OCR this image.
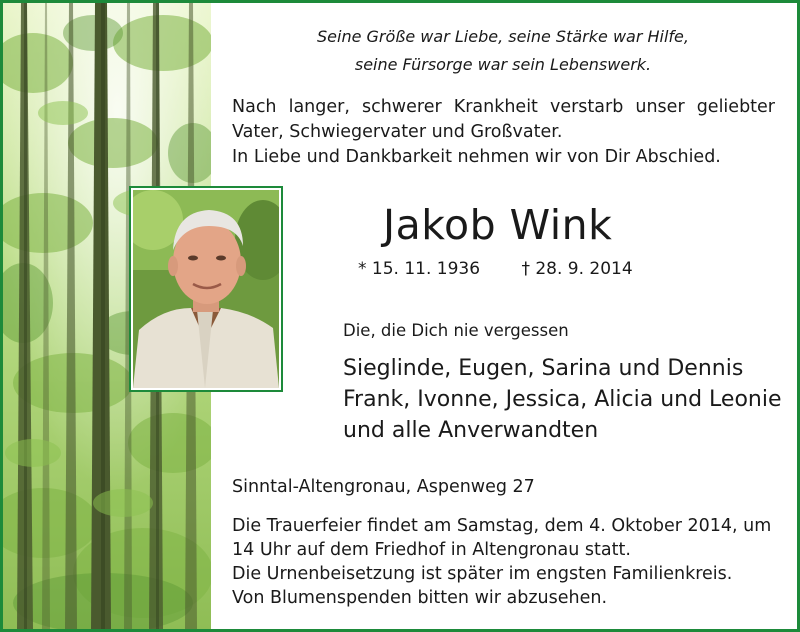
Seine Größe war Liebe, seine Stärke war Hilfe,
seine Fürsorge war sein Lebenswerk.

Nach langer, schwerer Krankheit verstarb unser geliebter Vater, Schwiegervater und Großvater.

In Liebe und Dankbarkeit nehmen wir von Dir Abschied.

Jakob Wink
* 15. 11. 1936 † 28. 9. 2014
Die, die Dich nie vergessen
Sieglinde, Eugen, Sarina und Dennis
Frank, Ivonne, Jessica, Alicia und Leonie
und alle Anverwandten
Sinntal-Altengronau, Aspenweg 27

Die Trauerfeier findet am Samstag, dem 4. Oktober 2014, um

14 Uhr auf dem Friedhof in Altengronau statt.

Die Urnenbeisetzung ist später im engsten Familienkreis.

Von Blumenspenden bitten wir abzusehen.
